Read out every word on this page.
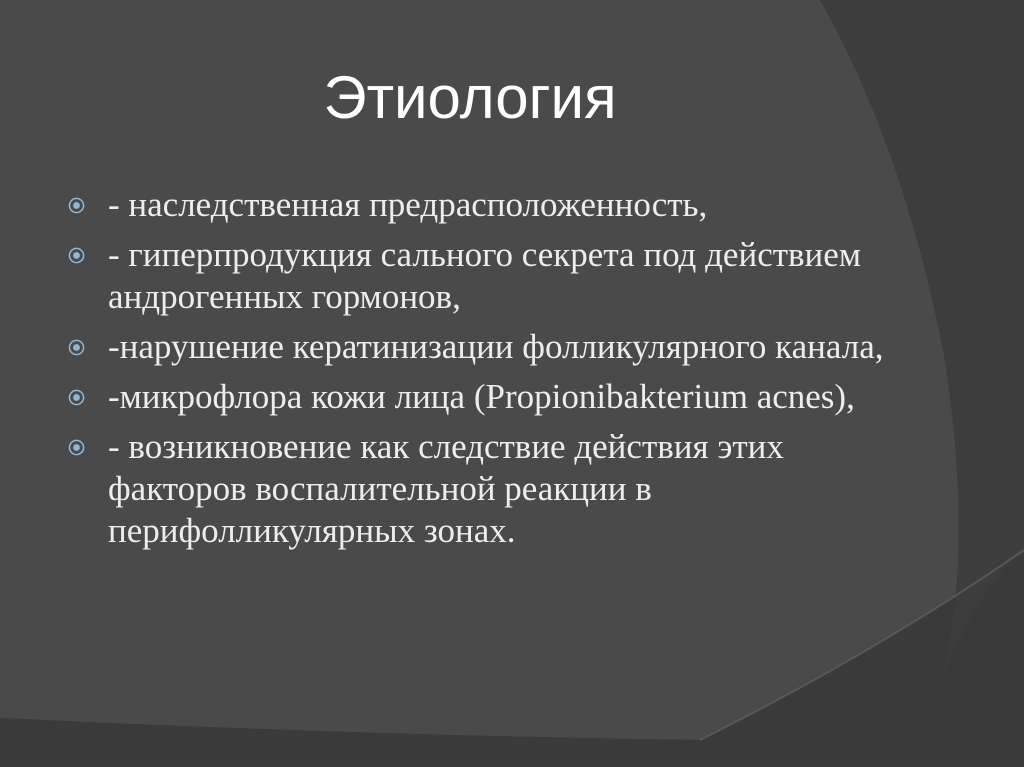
Этиология
- наследственная предрасположенность,
- гиперпродукция сального секрета под действием андрогенных гормонов,
-нарушение кератинизации фолликулярного канала,
-микрофлора кожи лица (Propionibakterium acnes),
- возникновение как следствие действия этих факторов воспалительной реакции в перифолликулярных зонах.
